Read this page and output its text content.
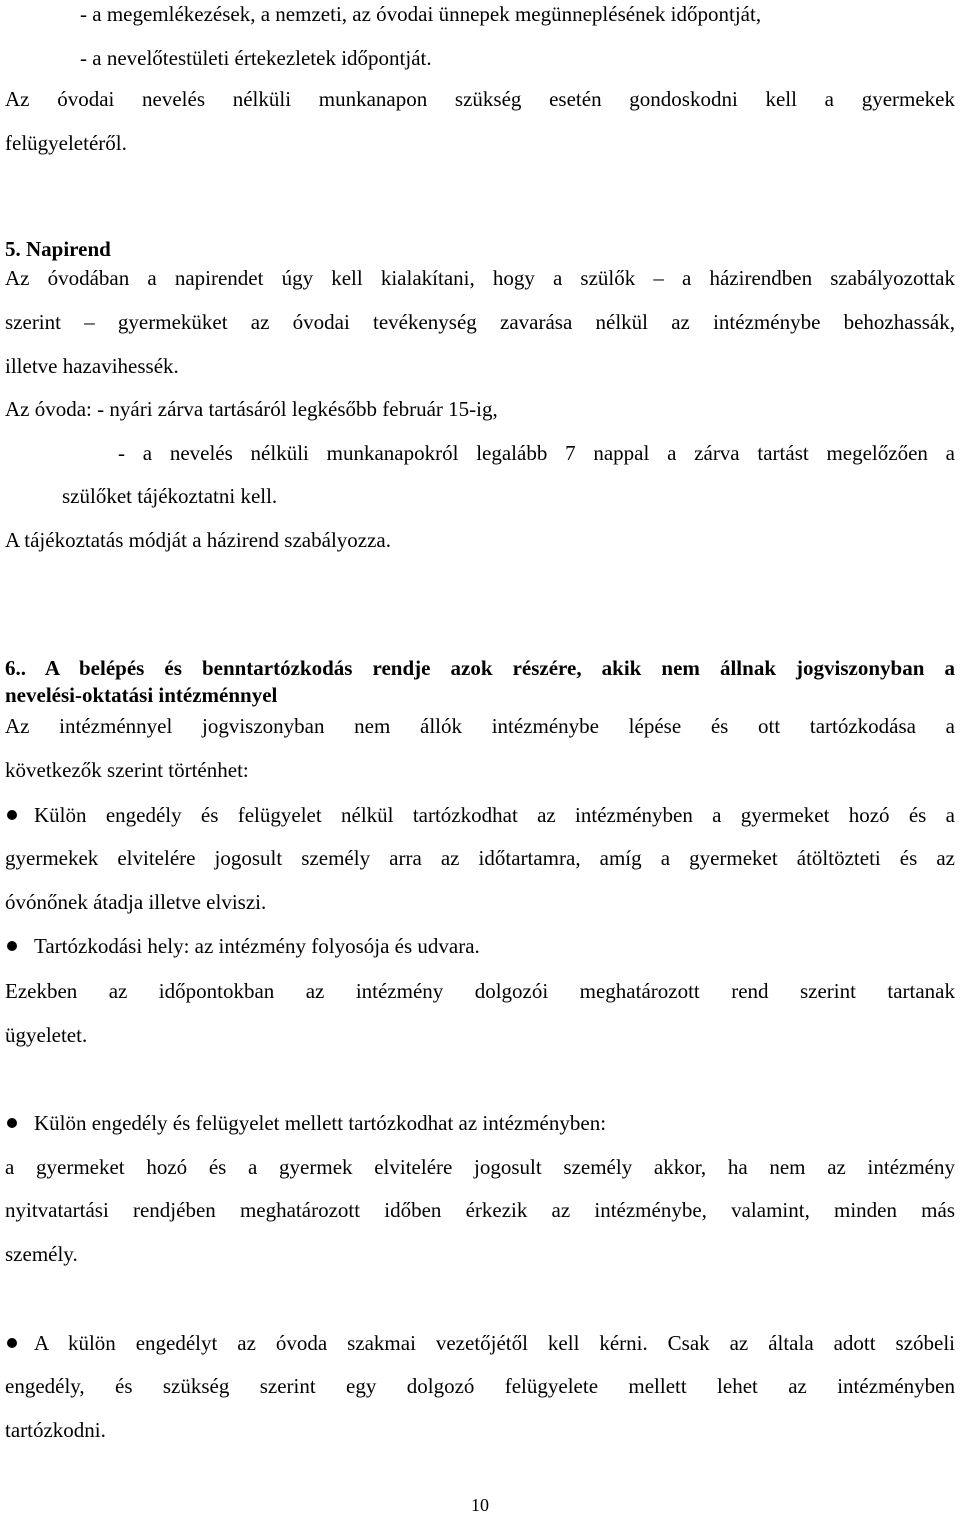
- a megemlékezések, a nemzeti, az óvodai ünnepek megünneplésének időpontját,
- a nevelőtestületi értekezletek időpontját.
Az óvodai nevelés nélküli munkanapon szükség esetén gondoskodni kell a gyermekek
felügyeletéről.
5. Napirend
Az óvodában a napirendet úgy kell kialakítani, hogy a szülők – a házirendben szabályozottak
szerint – gyermeküket az óvodai tevékenység zavarása nélkül az intézménybe behozhassák,
illetve hazavihessék.
Az óvoda: - nyári zárva tartásáról legkésőbb február 15-ig,
- a nevelés nélküli munkanapokról legalább 7 nappal a zárva tartást megelőzően a
szülőket tájékoztatni kell.
A tájékoztatás módját a házirend szabályozza.
6.. A belépés és benntartózkodás rendje azok részére, akik nem állnak jogviszonyban a
nevelési-oktatási intézménnyel
Az intézménnyel jogviszonyban nem állók intézménybe lépése és ott tartózkodása a
következők szerint történhet:
Külön engedély és felügyelet nélkül tartózkodhat az intézményben a gyermeket hozó és a
gyermekek elvitelére jogosult személy arra az időtartamra, amíg a gyermeket átöltözteti és az
óvónőnek átadja illetve elviszi.
Tartózkodási hely: az intézmény folyosója és udvara.
Ezekben az időpontokban az intézmény dolgozói meghatározott rend szerint tartanak
ügyeletet.
Külön engedély és felügyelet mellett tartózkodhat az intézményben:
a gyermeket hozó és a gyermek elvitelére jogosult személy akkor, ha nem az intézmény
nyitvatartási rendjében meghatározott időben érkezik az intézménybe, valamint, minden más
személy.
A külön engedélyt az óvoda szakmai vezetőjétől kell kérni. Csak az általa adott szóbeli
engedély, és szükség szerint egy dolgozó felügyelete mellett lehet az intézményben
tartózkodni.
10
